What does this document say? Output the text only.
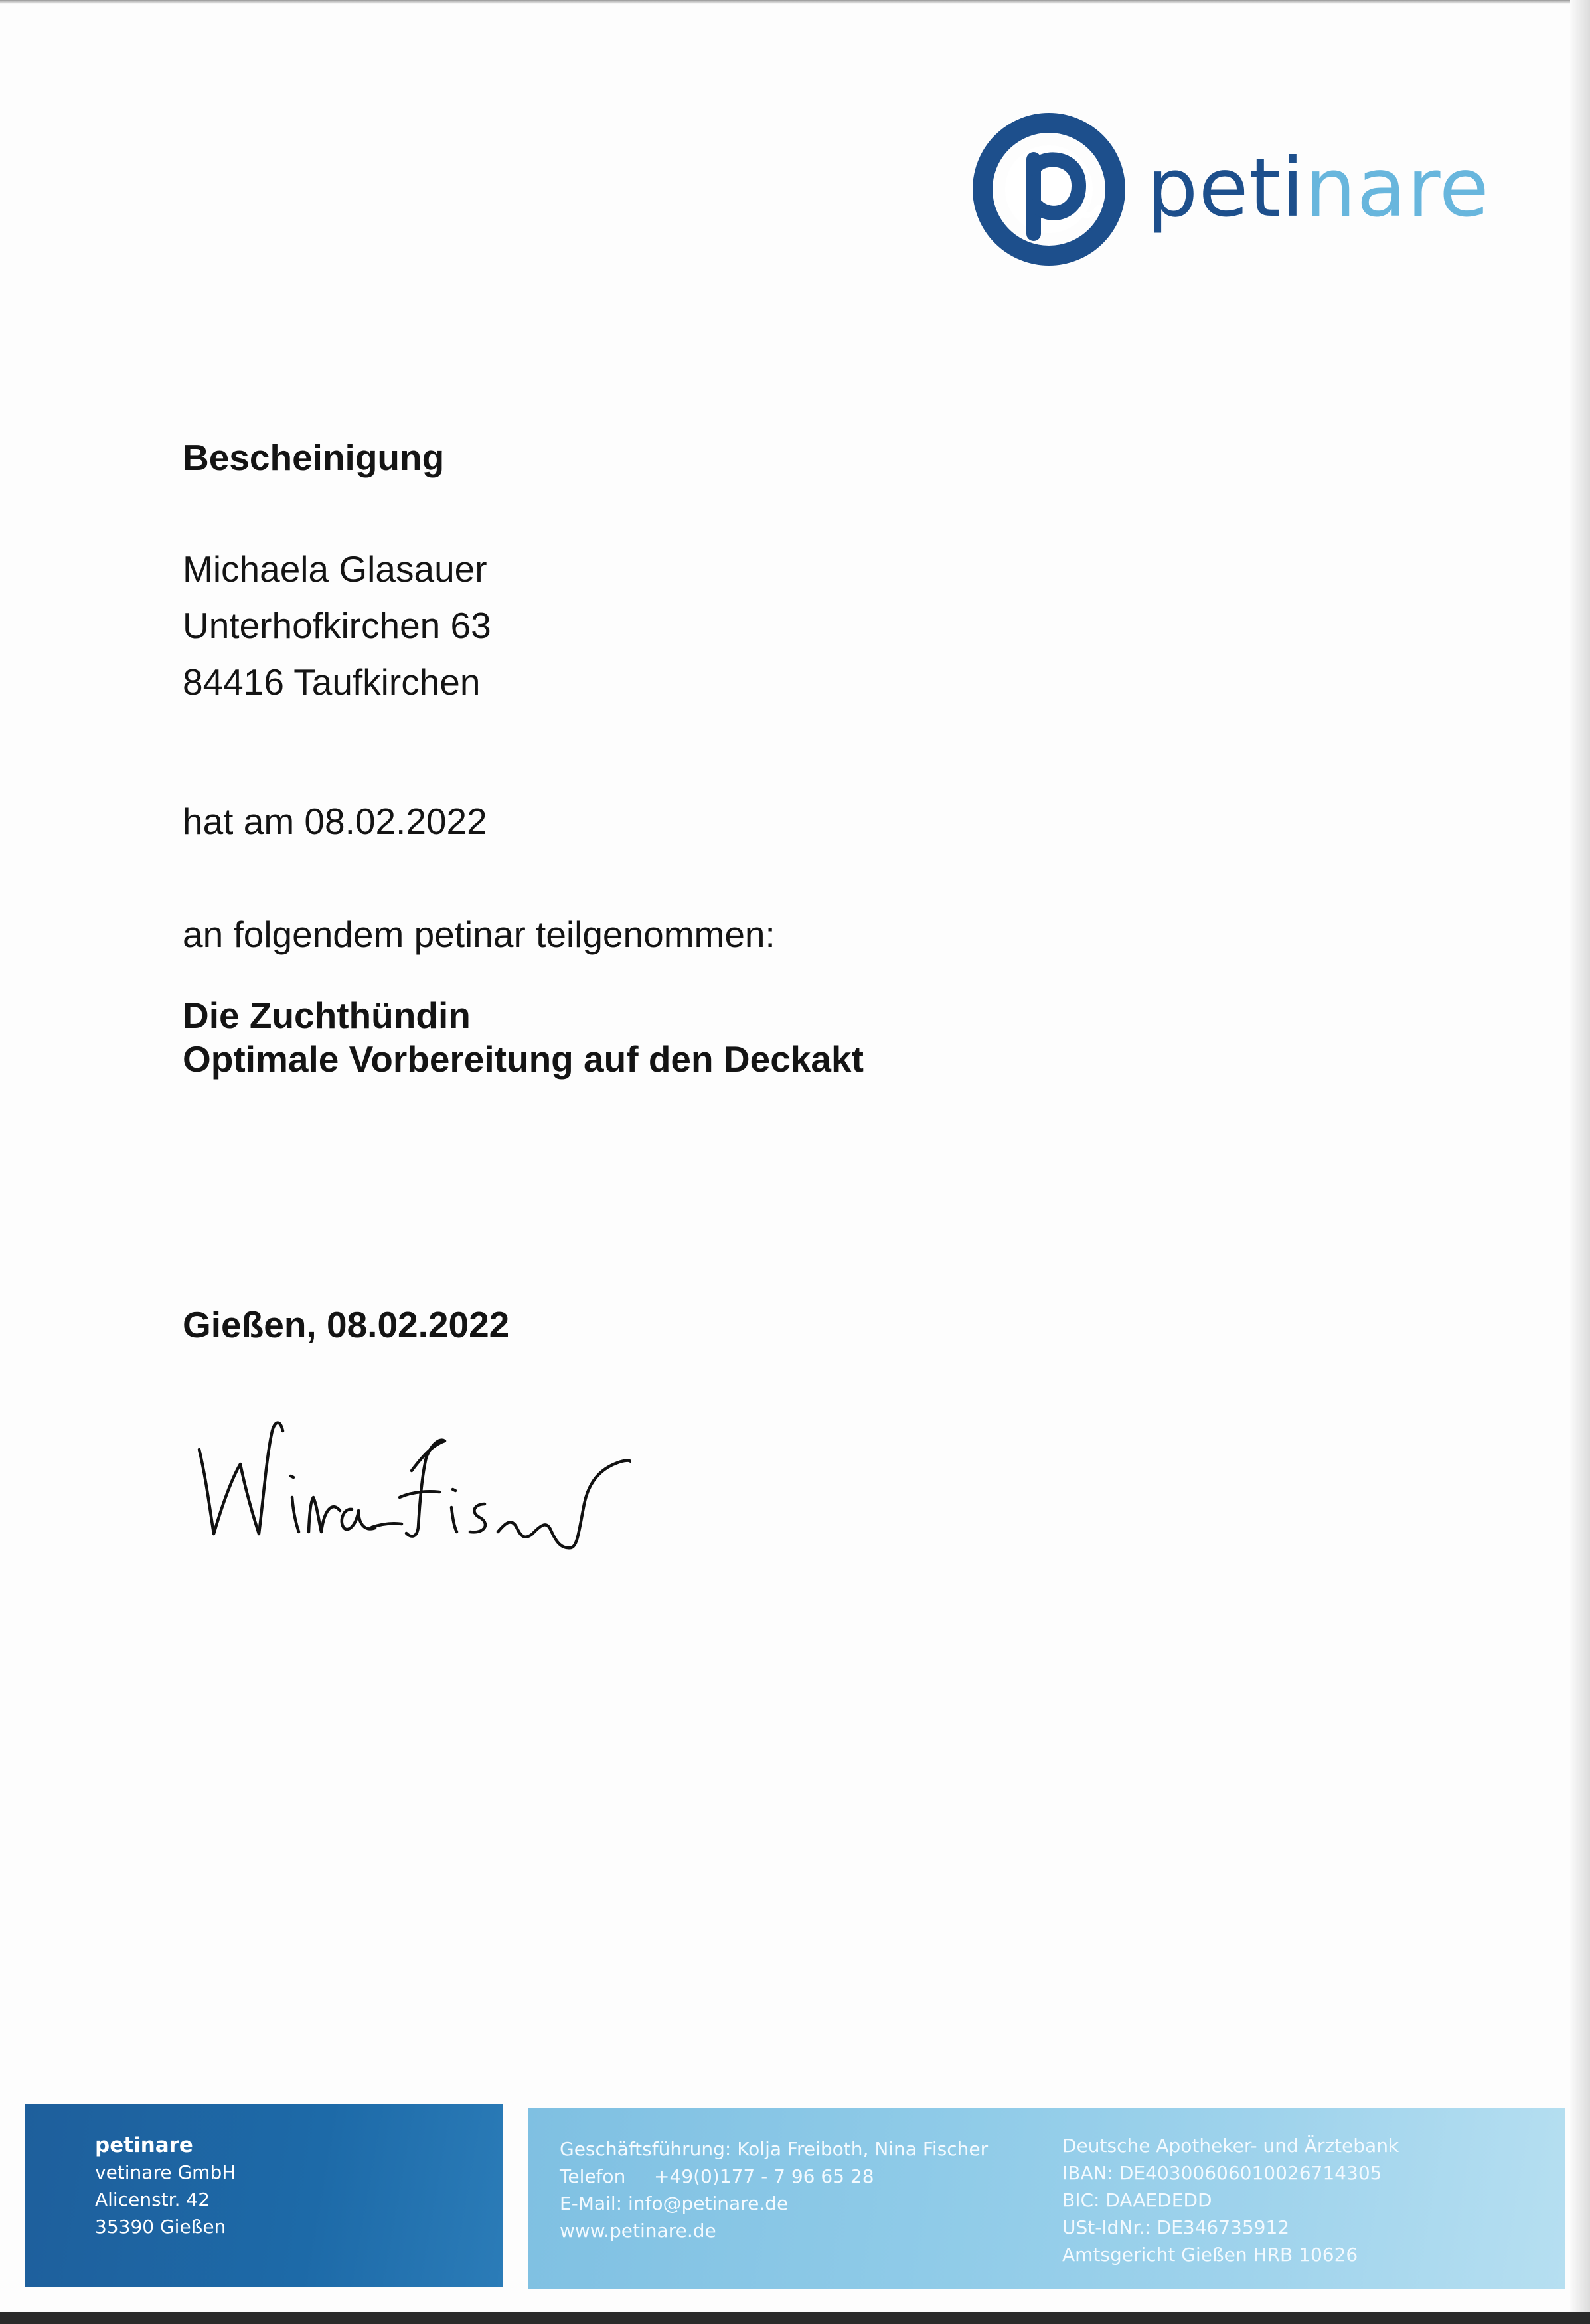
petinare
Bescheinigung
Michaela Glasauer
Unterhofkirchen 63
84416 Taufkirchen
hat am 08.02.2022
an folgendem petinar teilgenommen:
Die Zuchthündin
Optimale Vorbereitung auf den Deckakt
Gießen, 08.02.2022
petinare
vetinare GmbH
Alicenstr. 42
35390 Gießen
Geschäftsführung: Kolja Freiboth, Nina Fischer
Telefon +49(0)177 - 7 96 65 28
E-Mail: info@petinare.de
www.petinare.de
Deutsche Apotheker- und Ärztebank
IBAN: DE40300606010026714305
BIC: DAAEDEDD
USt-IdNr.: DE346735912
Amtsgericht Gießen HRB 10626
